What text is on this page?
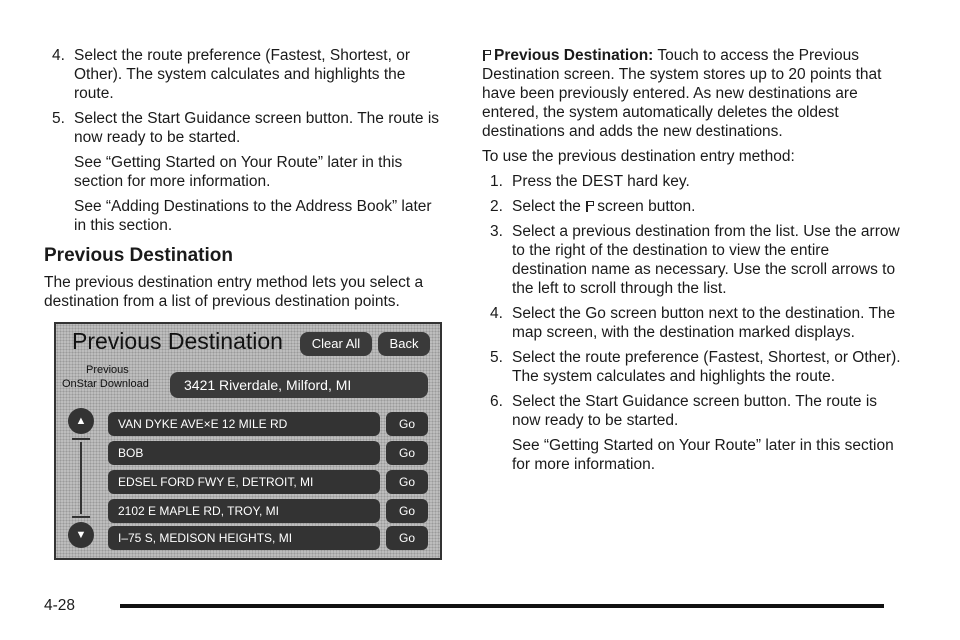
4. Select the route preference (Fastest, Shortest, or Other). The system calculates and highlights the route.
5. Select the Start Guidance screen button. The route is now ready to be started.

See “Getting Started on Your Route” later in this section for more information.

See “Adding Destinations to the Address Book” later in this section.

Previous Destination

The previous destination entry method lets you select a destination from a list of previous destination points.

Previous Destination	Clear All	Back
Previous
OnStar Download	3421 Riverdale, Milford, MI
▲
▼
VAN DYKE AVE×E 12 MILE RD	Go
BOB	Go
EDSEL FORD FWY E, DETROIT, MI	Go
2102 E MAPLE RD, TROY, MI	Go
I–75 S, MEDISON HEIGHTS, MI	Go

Previous Destination: Touch to access the Previous Destination screen. The system stores up to 20 points that have been previously entered. As new destinations are entered, the system automatically deletes the oldest destinations and adds the new destinations.

To use the previous destination entry method:

1. Press the DEST hard key.
2. Select the screen button.
3. Select a previous destination from the list. Use the arrow to the right of the destination to view the entire destination name as necessary. Use the scroll arrows to the left to scroll through the list.
4. Select the Go screen button next to the destination. The map screen, with the destination marked displays.
5. Select the route preference (Fastest, Shortest, or Other). The system calculates and highlights the route.
6. Select the Start Guidance screen button. The route is now ready to be started.

See “Getting Started on Your Route” later in this section for more information.

4-28
